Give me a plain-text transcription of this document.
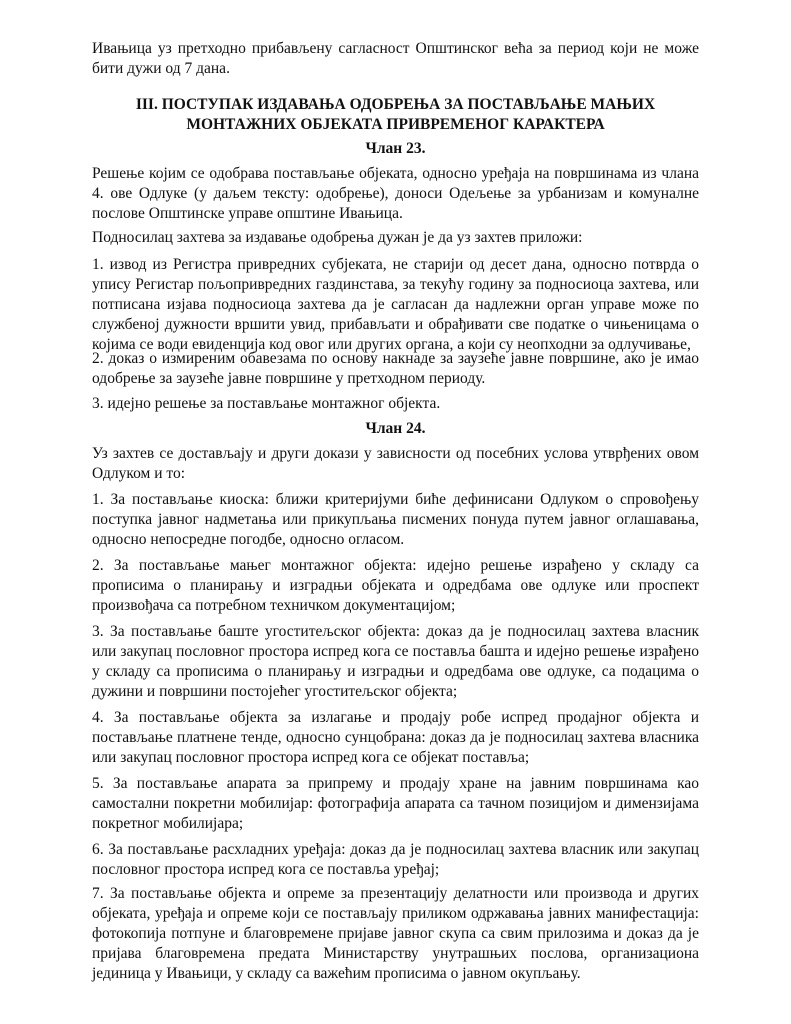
Ивањица уз претходно прибављену сагласност Општинског већа за период који не може

бити дужи од 7 дана.

III. ПОСТУПАК ИЗДАВАЊА ОДОБРЕЊА ЗА ПОСТАВЉАЊЕ МАЊИХ
МОНТАЖНИХ ОБЈЕКАТА ПРИВРЕМЕНОГ КАРАКТЕРА
Члан 23.

Решење којим се одобрава постављање објеката, односно уређаја на површинама из члана 4. ове Одлуке (у даљем тексту: одобрење), доноси Одељење за урбанизам и комуналне послове Општинске управе општине Ивањица.

Подносилац захтева за издавање одобрења дужан је да уз захтев приложи:

1. извод из Регистра привредних субјеката, не старији од десет дана, односно потврда о упису Регистар пољопривредних газдинстава, за текућу годину за подносиоца захтева, или потписана изјава подносиоца захтева да је сагласан да надлежни орган управе може по службеној дужности вршити увид, прибављати и обрађивати све податке о чињеницама о којима се води евиденција код овог или других органа, а који су неопходни за одлучивање,

2. доказ о измиреним обавезама по основу накнаде за заузеће јавне површине, ако је имао одобрење за заузеће јавне површине у претходном периоду.

3. идејно решење за постављање монтажног објекта.

Члан 24.

Уз захтев се достављају и други докази у зависности од посебних услова утврђених овом Одлуком и то:

1. За постављање киоска: ближи критеријуми биће дефинисани Одлуком о спровођењу поступка јавног надметања или прикупљања писмених понуда путем јавног оглашавања, односно непосредне погодбе, односно огласом.

2. За постављање мањег монтажног објекта: идејно решење израђено у складу са прописима о планирању и изградњи објеката и одредбама ове одлуке или проспект произвођача са потребном техничком документацијом;

3. За постављање баште угоститељског објекта: доказ да је подносилац захтева власник или закупац пословног простора испред кога се поставља башта и идејно решење израђено у складу са прописима о планирању и изградњи и одредбама ове одлуке, са подацима о дужини и површини постојећег угоститељског објекта;

4. За постављање објекта за излагање и продају робе испред продајног објекта и постављање платнене тенде, односно сунцобрана: доказ да је подносилац захтева власника или закупац пословног простора испред кога се објекат поставља;

5. За постављање апарата за припрему и продају хране на јавним површинама као самостални покретни мобилијар: фотографија апарата са тачном позицијом и димензијама покретног мобилијара;

6. За постављање расхладних уређаја: доказ да је подносилац захтева власник или закупац пословног простора испред кога се поставља уређај;

7. За постављање објекта и опреме за презентацију делатности или производа и других објеката, уређаја и опреме који се постављају приликом одржавања јавних манифестација: фотокопија потпуне и благовремене пријаве јавног скупа са свим прилозима и доказ да је пријава благовремена предата Министарству унутрашњих послова, организациона јединица у Ивањици, у складу са важећим прописима о јавном окупљању.
